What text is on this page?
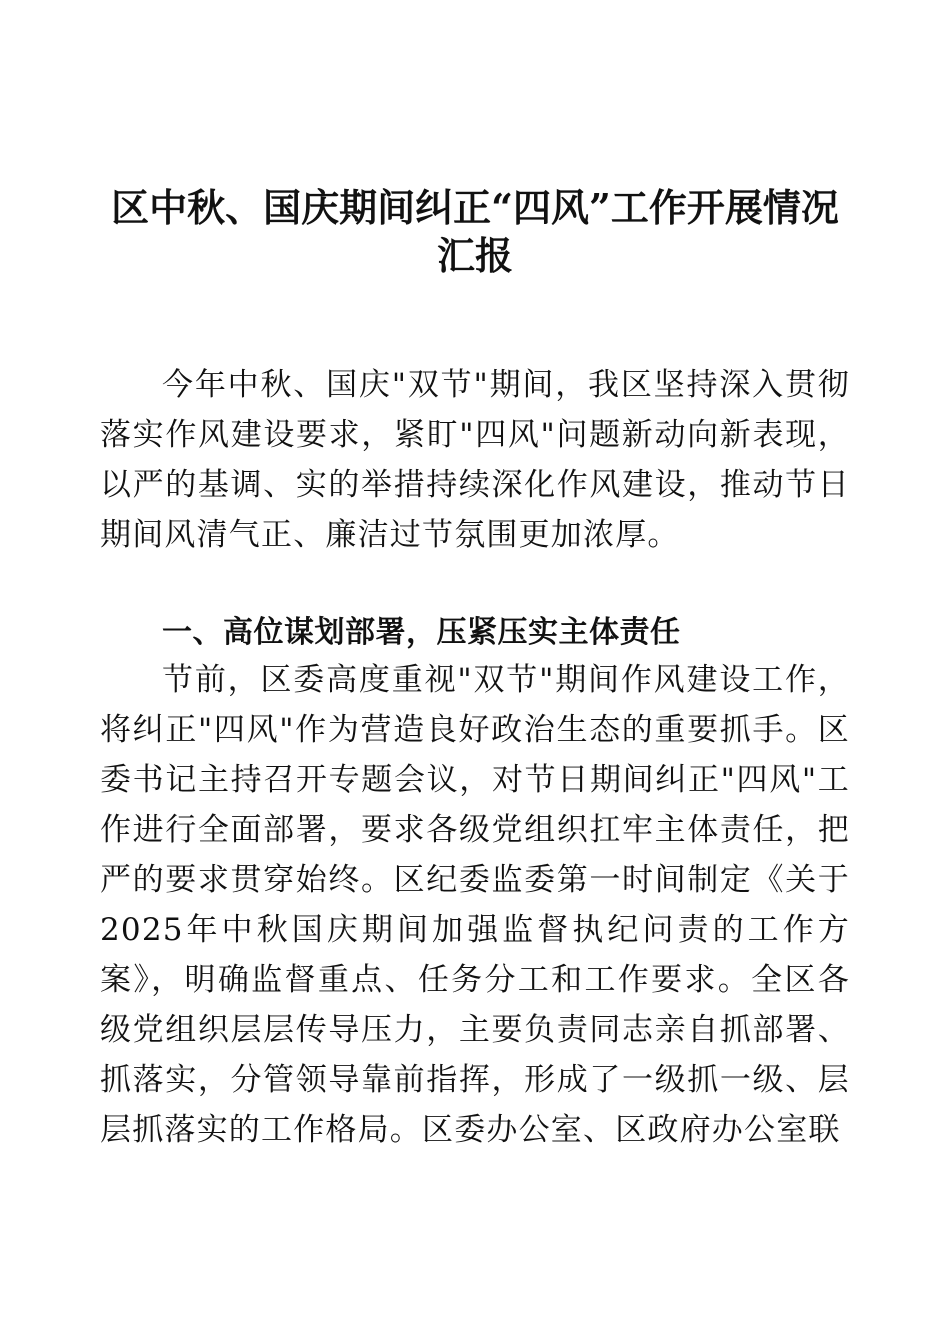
区中秋、国庆期间纠正“四风”工作开展情况汇报

今年中秋、国庆"双节"期间，我区坚持深入贯彻落实作风建设要求，紧盯"四风"问题新动向新表现，以严的基调、实的举措持续深化作风建设，推动节日期间风清气正、廉洁过节氛围更加浓厚。

一、高位谋划部署，压紧压实主体责任

节前，区委高度重视"双节"期间作风建设工作，将纠正"四风"作为营造良好政治生态的重要抓手。区委书记主持召开专题会议，对节日期间纠正"四风"工作进行全面部署，要求各级党组织扛牢主体责任，把严的要求贯穿始终。区纪委监委第一时间制定《关于2025年中秋国庆期间加强监督执纪问责的工作方案》，明确监督重点、任务分工和工作要求。全区各级党组织层层传导压力，主要负责同志亲自抓部署、抓落实，分管领导靠前指挥，形成了一级抓一级、层层抓落实的工作格局。区委办公室、区政府办公室联
